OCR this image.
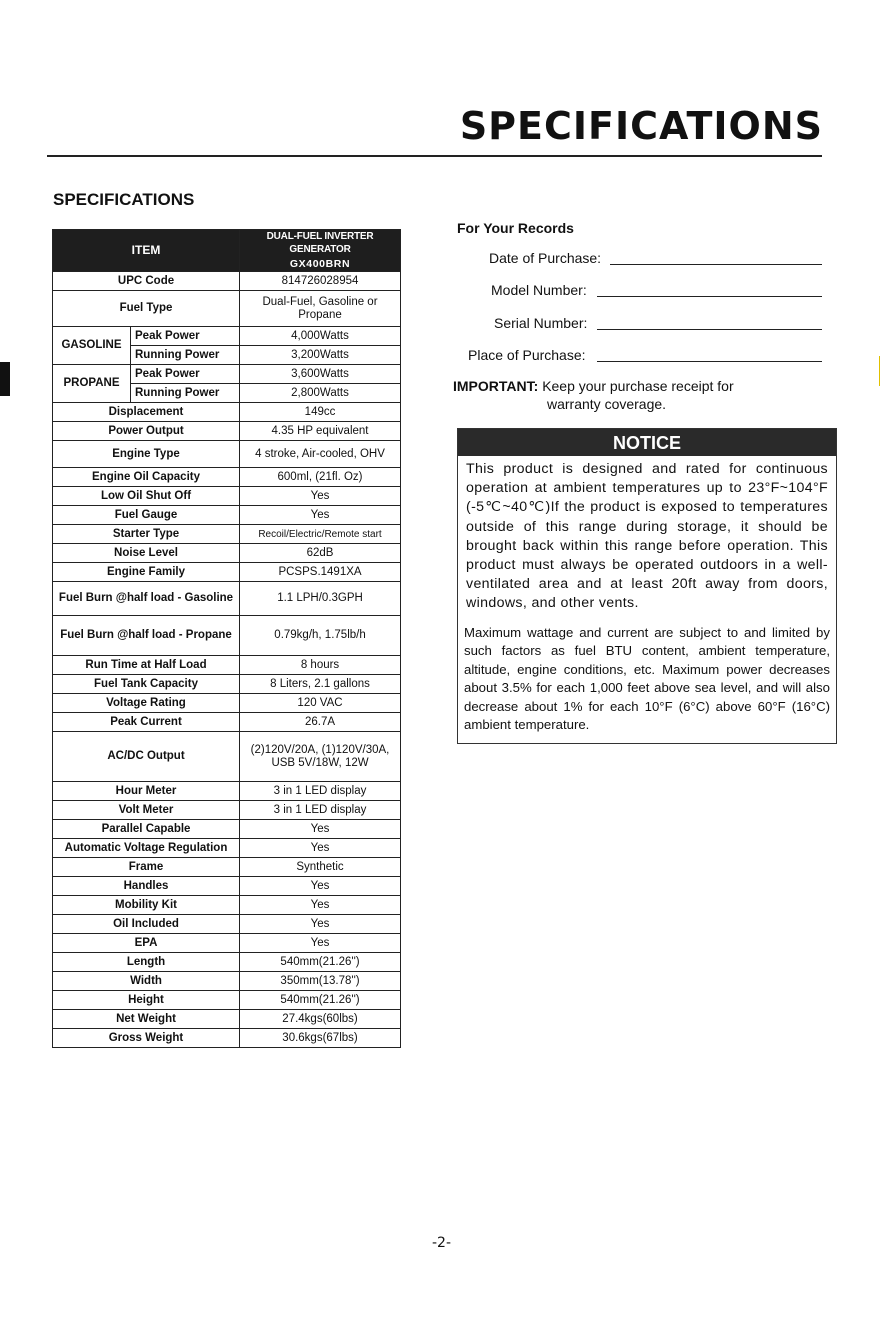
SPECIFICATIONS
SPECIFICATIONS
ITEM		DUAL-FUEL INVERTER GENERATOR
GX400BRN

UPC Code		814726028954
Fuel Type		Dual-Fuel, Gasoline or Propane
GASOLINE	Peak Power	4,000Watts
	Running Power	3,200Watts
PROPANE	Peak Power	3,600Watts
	Running Power	2,800Watts
Displacement		149cc
Power Output		4.35 HP equivalent
Engine Type		4 stroke, Air-cooled, OHV
Engine Oil Capacity		600ml, (21fl. Oz)
Low Oil Shut Off		Yes
Fuel Gauge		Yes
Starter Type		Recoil/Electric/Remote start
Noise Level		62dB
Engine Family		PCSPS.1491XA
Fuel Burn @half load - Gasoline		1.1 LPH/0.3GPH
Fuel Burn @half load - Propane		0.79kg/h, 1.75lb/h
Run Time at Half Load		8 hours
Fuel Tank Capacity		8 Liters, 2.1 gallons
Voltage Rating		120 VAC
Peak Current		26.7A
AC/DC Output		(2)120V/20A, (1)120V/30A, USB 5V/18W, 12W
Hour Meter		3 in 1 LED display
Volt Meter		3 in 1 LED display
Parallel Capable		Yes
Automatic Voltage Regulation		Yes
Frame		Synthetic
Handles		Yes
Mobility Kit		Yes
Oil Included		Yes
EPA		Yes
Length		540mm(21.26'')
Width		350mm(13.78'')
Height		540mm(21.26'')
Net Weight		27.4kgs(60lbs)
Gross Weight		30.6kgs(67lbs)
For Your Records
Date of Purchase:
Model Number:
Serial Number:
Place of Purchase:
IMPORTANT: Keep your purchase receipt for
warranty coverage.
NOTICE

This product is designed and rated for continuous operation at ambient temperatures up to 23°F~104°F (-5℃~40℃)If the product is exposed to temperatures outside of this range during storage, it should be brought back within this range before operation. This product must always be operated outdoors in a well-ventilated area and at least 20ft away from doors, windows, and other vents.

Maximum wattage and current are subject to and limited by such factors as fuel BTU content, ambient temperature, altitude, engine conditions, etc. Maximum power decreases about 3.5% for each 1,000 feet above sea level, and will also decrease about 1% for each 10°F (6°C) above 60°F (16°C) ambient temperature.

-2-
